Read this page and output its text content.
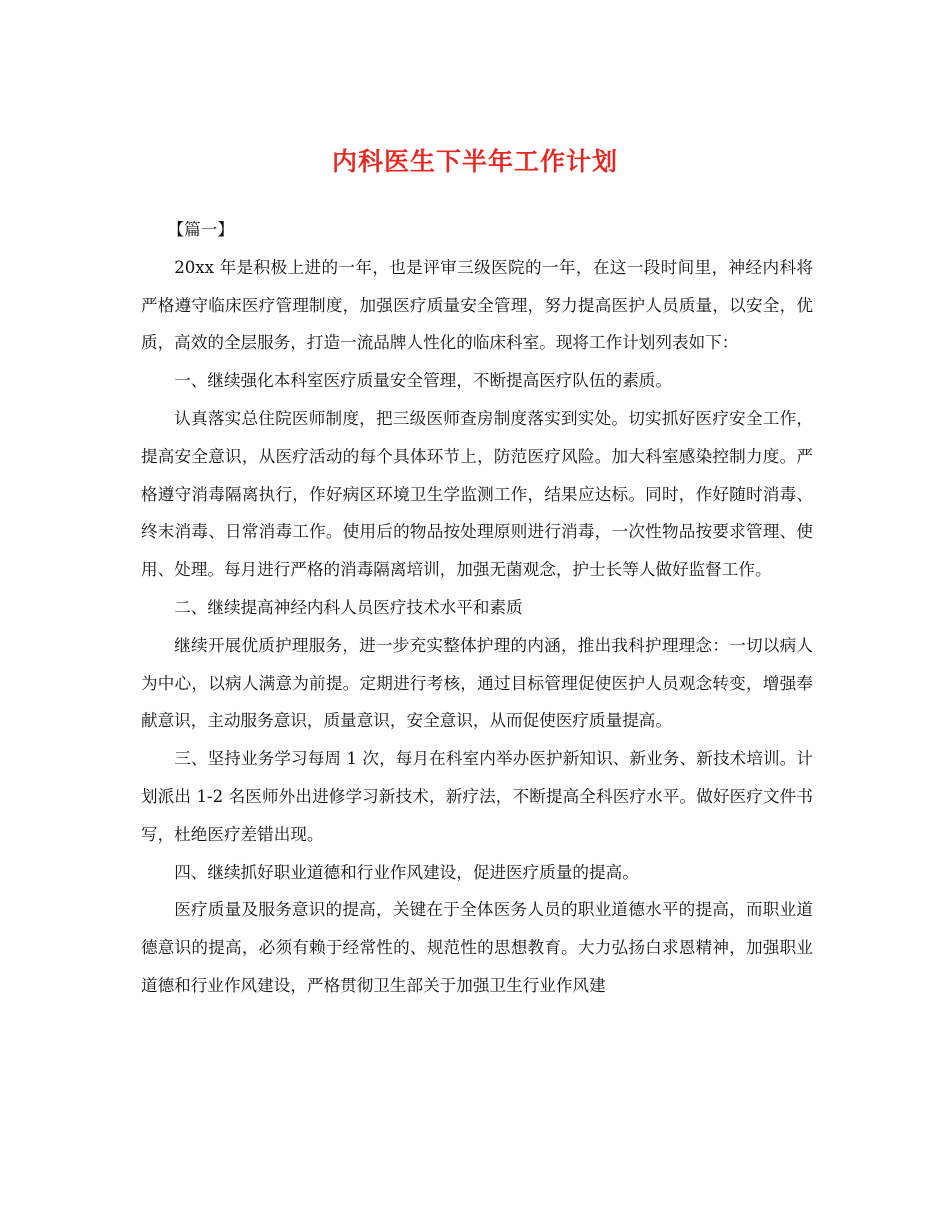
内科医生下半年工作计划

【篇一】

20xx 年是积极上进的一年，也是评审三级医院的一年，在这一段时间里，神经内科将严格遵守临床医疗管理制度，加强医疗质量安全管理，努力提高医护人员质量，以安全，优质，高效的全层服务，打造一流品牌人性化的临床科室。现将工作计划列表如下：

一、继续强化本科室医疗质量安全管理，不断提高医疗队伍的素质。

认真落实总住院医师制度，把三级医师查房制度落实到实处。切实抓好医疗安全工作，提高安全意识，从医疗活动的每个具体环节上，防范医疗风险。加大科室感染控制力度。严格遵守消毒隔离执行，作好病区环境卫生学监测工作，结果应达标。同时，作好随时消毒、终末消毒、日常消毒工作。使用后的物品按处理原则进行消毒，一次性物品按要求管理、使用、处理。每月进行严格的消毒隔离培训，加强无菌观念，护士长等人做好监督工作。

二、继续提高神经内科人员医疗技术水平和素质

继续开展优质护理服务，进一步充实整体护理的内涵，推出我科护理理念：一切以病人为中心，以病人满意为前提。定期进行考核，通过目标管理促使医护人员观念转变，增强奉献意识，主动服务意识，质量意识，安全意识，从而促使医疗质量提高。

三、坚持业务学习每周 1 次，每月在科室内举办医护新知识、新业务、新技术培训。计划派出 1-2 名医师外出进修学习新技术，新疗法，不断提高全科医疗水平。做好医疗文件书写，杜绝医疗差错出现。

四、继续抓好职业道德和行业作风建设，促进医疗质量的提高。

医疗质量及服务意识的提高，关键在于全体医务人员的职业道德水平的提高，而职业道德意识的提高，必须有赖于经常性的、规范性的思想教育。大力弘扬白求恩精神，加强职业道德和行业作风建设，严格贯彻卫生部关于加强卫生行业作风建
